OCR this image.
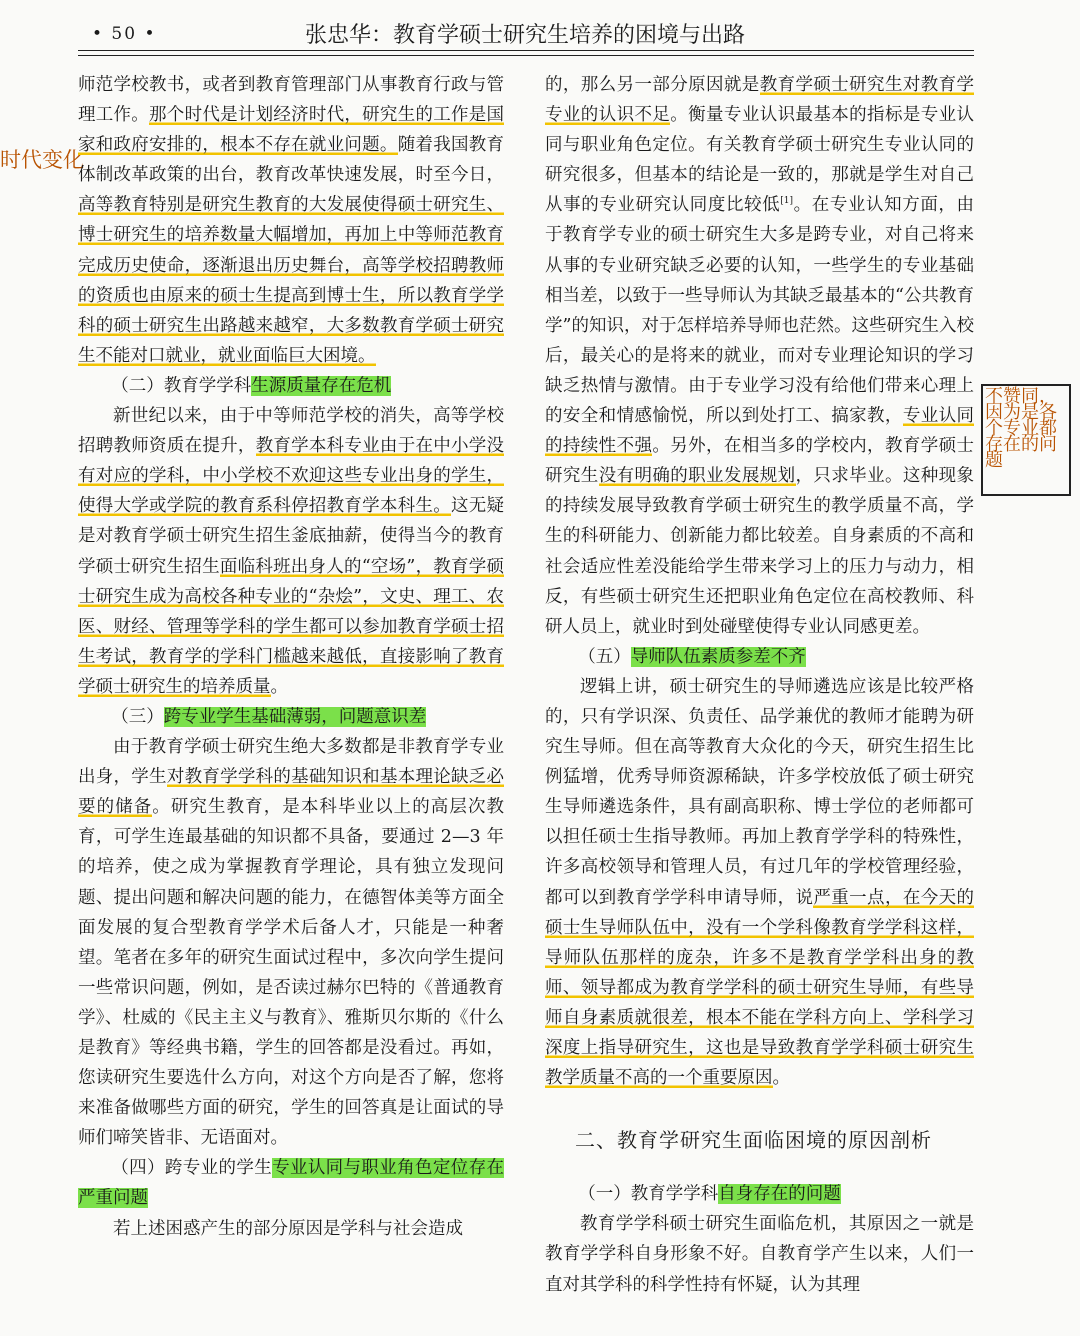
• 50 •	张忠华：教育学硕士研究生培养的困境与出路
时代变化

师范学校教书，或者到教育管理部门从事教育行政与管理工作。那个时代是计划经济时代，研究生的工作是国家和政府安排的，根本不存在就业问题。随着我国教育体制改革政策的出台，教育改革快速发展，时至今日，高等教育特别是研究生教育的大发展使得硕士研究生、博士研究生的培养数量大幅增加，再加上中等师范教育完成历史使命，逐渐退出历史舞台，高等学校招聘教师的资质也由原来的硕士生提高到博士生，所以教育学学科的硕士研究生出路越来越窄，大多数教育学硕士研究生不能对口就业，就业面临巨大困境。

（二）教育学学科生源质量存在危机

新世纪以来，由于中等师范学校的消失，高等学校招聘教师资质在提升，教育学本科专业由于在中小学没有对应的学科，中小学校不欢迎这些专业出身的学生，使得大学或学院的教育系科停招教育学本科生。这无疑是对教育学硕士研究生招生釜底抽薪，使得当今的教育学硕士研究生招生面临科班出身人的“空场”，教育学硕士研究生成为高校各种专业的“杂烩”，文史、理工、农医、财经、管理等学科的学生都可以参加教育学硕士招生考试，教育学的学科门槛越来越低，直接影响了教育学硕士研究生的培养质量。

（三）跨专业学生基础薄弱，问题意识差

由于教育学硕士研究生绝大多数都是非教育学专业出身，学生对教育学学科的基础知识和基本理论缺乏必要的储备。研究生教育，是本科毕业以上的高层次教育，可学生连最基础的知识都不具备，要通过 2—3 年的培养，使之成为掌握教育学理论，具有独立发现问题、提出问题和解决问题的能力，在德智体美等方面全面发展的复合型教育学学术后备人才，只能是一种奢望。笔者在多年的研究生面试过程中，多次向学生提问一些常识问题，例如，是否读过赫尔巴特的《普通教育学》、杜威的《民主主义与教育》、雅斯贝尔斯的《什么是教育》等经典书籍，学生的回答都是没看过。再如，您读研究生要选什么方向，对这个方向是否了解，您将来准备做哪些方面的研究，学生的回答真是让面试的导师们啼笑皆非、无语面对。

（四）跨专业的学生专业认同与职业角色定位存在严重问题

若上述困惑产生的部分原因是学科与社会造成

的，那么另一部分原因就是教育学硕士研究生对教育学专业的认识不足。衡量专业认识最基本的指标是专业认同与职业角色定位。有关教育学硕士研究生专业认同的研究很多，但基本的结论是一致的，那就是学生对自己从事的专业研究认同度比较低[1]。在专业认知方面，由于教育学专业的硕士研究生大多是跨专业，对自己将来从事的专业研究缺乏必要的认知，一些学生的专业基础相当差，以致于一些导师认为其缺乏最基本的“公共教育学”的知识，对于怎样培养导师也茫然。这些研究生入校后，最关心的是将来的就业，而对专业理论知识的学习缺乏热情与激情。由于专业学习没有给他们带来心理上的安全和情感愉悦，所以到处打工、搞家教，专业认同的持续性不强。另外，在相当多的学校内，教育学硕士研究生没有明确的职业发展规划，只求毕业。这种现象的持续发展导致教育学硕士研究生的教学质量不高，学生的科研能力、创新能力都比较差。自身素质的不高和社会适应性差没能给学生带来学习上的压力与动力，相反，有些硕士研究生还把职业角色定位在高校教师、科研人员上，就业时到处碰壁使得专业认同感更差。

（五）导师队伍素质参差不齐

逻辑上讲，硕士研究生的导师遴选应该是比较严格的，只有学识深、负责任、品学兼优的教师才能聘为研究生导师。但在高等教育大众化的今天，研究生招生比例猛增，优秀导师资源稀缺，许多学校放低了硕士研究生导师遴选条件，具有副高职称、博士学位的老师都可以担任硕士生指导教师。再加上教育学学科的特殊性，许多高校领导和管理人员，有过几年的学校管理经验，都可以到教育学学科申请导师，说严重一点，在今天的硕士生导师队伍中，没有一个学科像教育学学科这样，导师队伍那样的庞杂，许多不是教育学学科出身的教师、领导都成为教育学学科的硕士研究生导师，有些导师自身素质就很差，根本不能在学科方向上、学科学习深度上指导研究生，这也是导致教育学学科硕士研究生教学质量不高的一个重要原因。

二、教育学研究生面临困境的原因剖析

（一）教育学学科自身存在的问题

教育学学科硕士研究生面临危机，其原因之一就是教育学学科自身形象不好。自教育学产生以来，人们一直对其学科的科学性持有怀疑，认为其理

不赞同，因为是各个专业都存在的问题
